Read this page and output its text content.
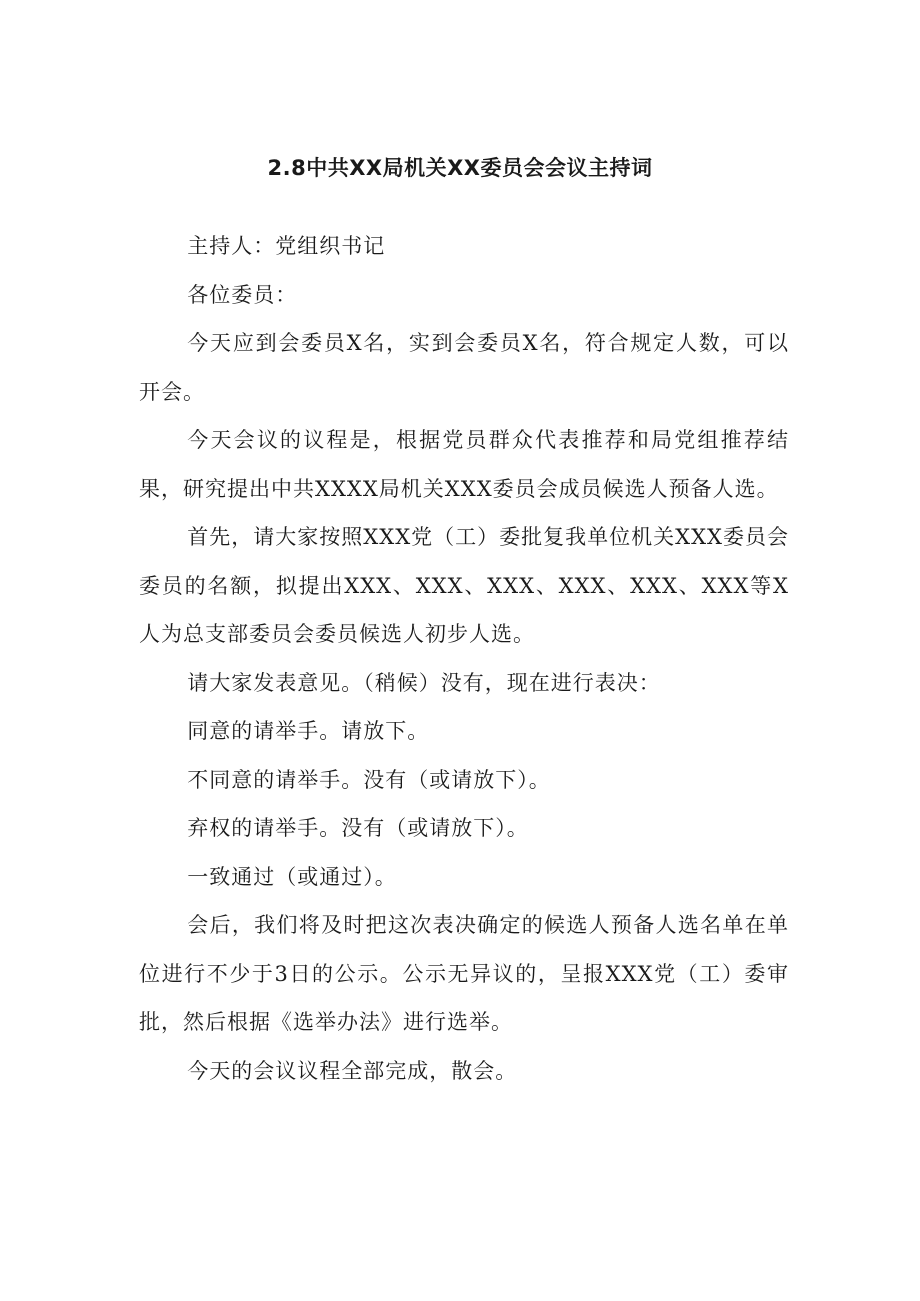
2.8中共XX局机关XX委员会会议主持词

主持人：党组织书记

各位委员：

今天应到会委员X名，实到会委员X名，符合规定人数，可以开会。

今天会议的议程是，根据党员群众代表推荐和局党组推荐结果，研究提出中共XXXX局机关XXX委员会成员候选人预备人选。

首先，请大家按照XXX党（工）委批复我单位机关XXX委员会委员的名额，拟提出XXX、XXX、XXX、XXX、XXX、XXX等X人为总支部委员会委员候选人初步人选。

请大家发表意见。（稍候）没有，现在进行表决：

同意的请举手。请放下。

不同意的请举手。没有（或请放下）。

弃权的请举手。没有（或请放下）。

一致通过（或通过）。

会后，我们将及时把这次表决确定的候选人预备人选名单在单位进行不少于3日的公示。公示无异议的，呈报XXX党（工）委审批，然后根据《选举办法》进行选举。

今天的会议议程全部完成，散会。
